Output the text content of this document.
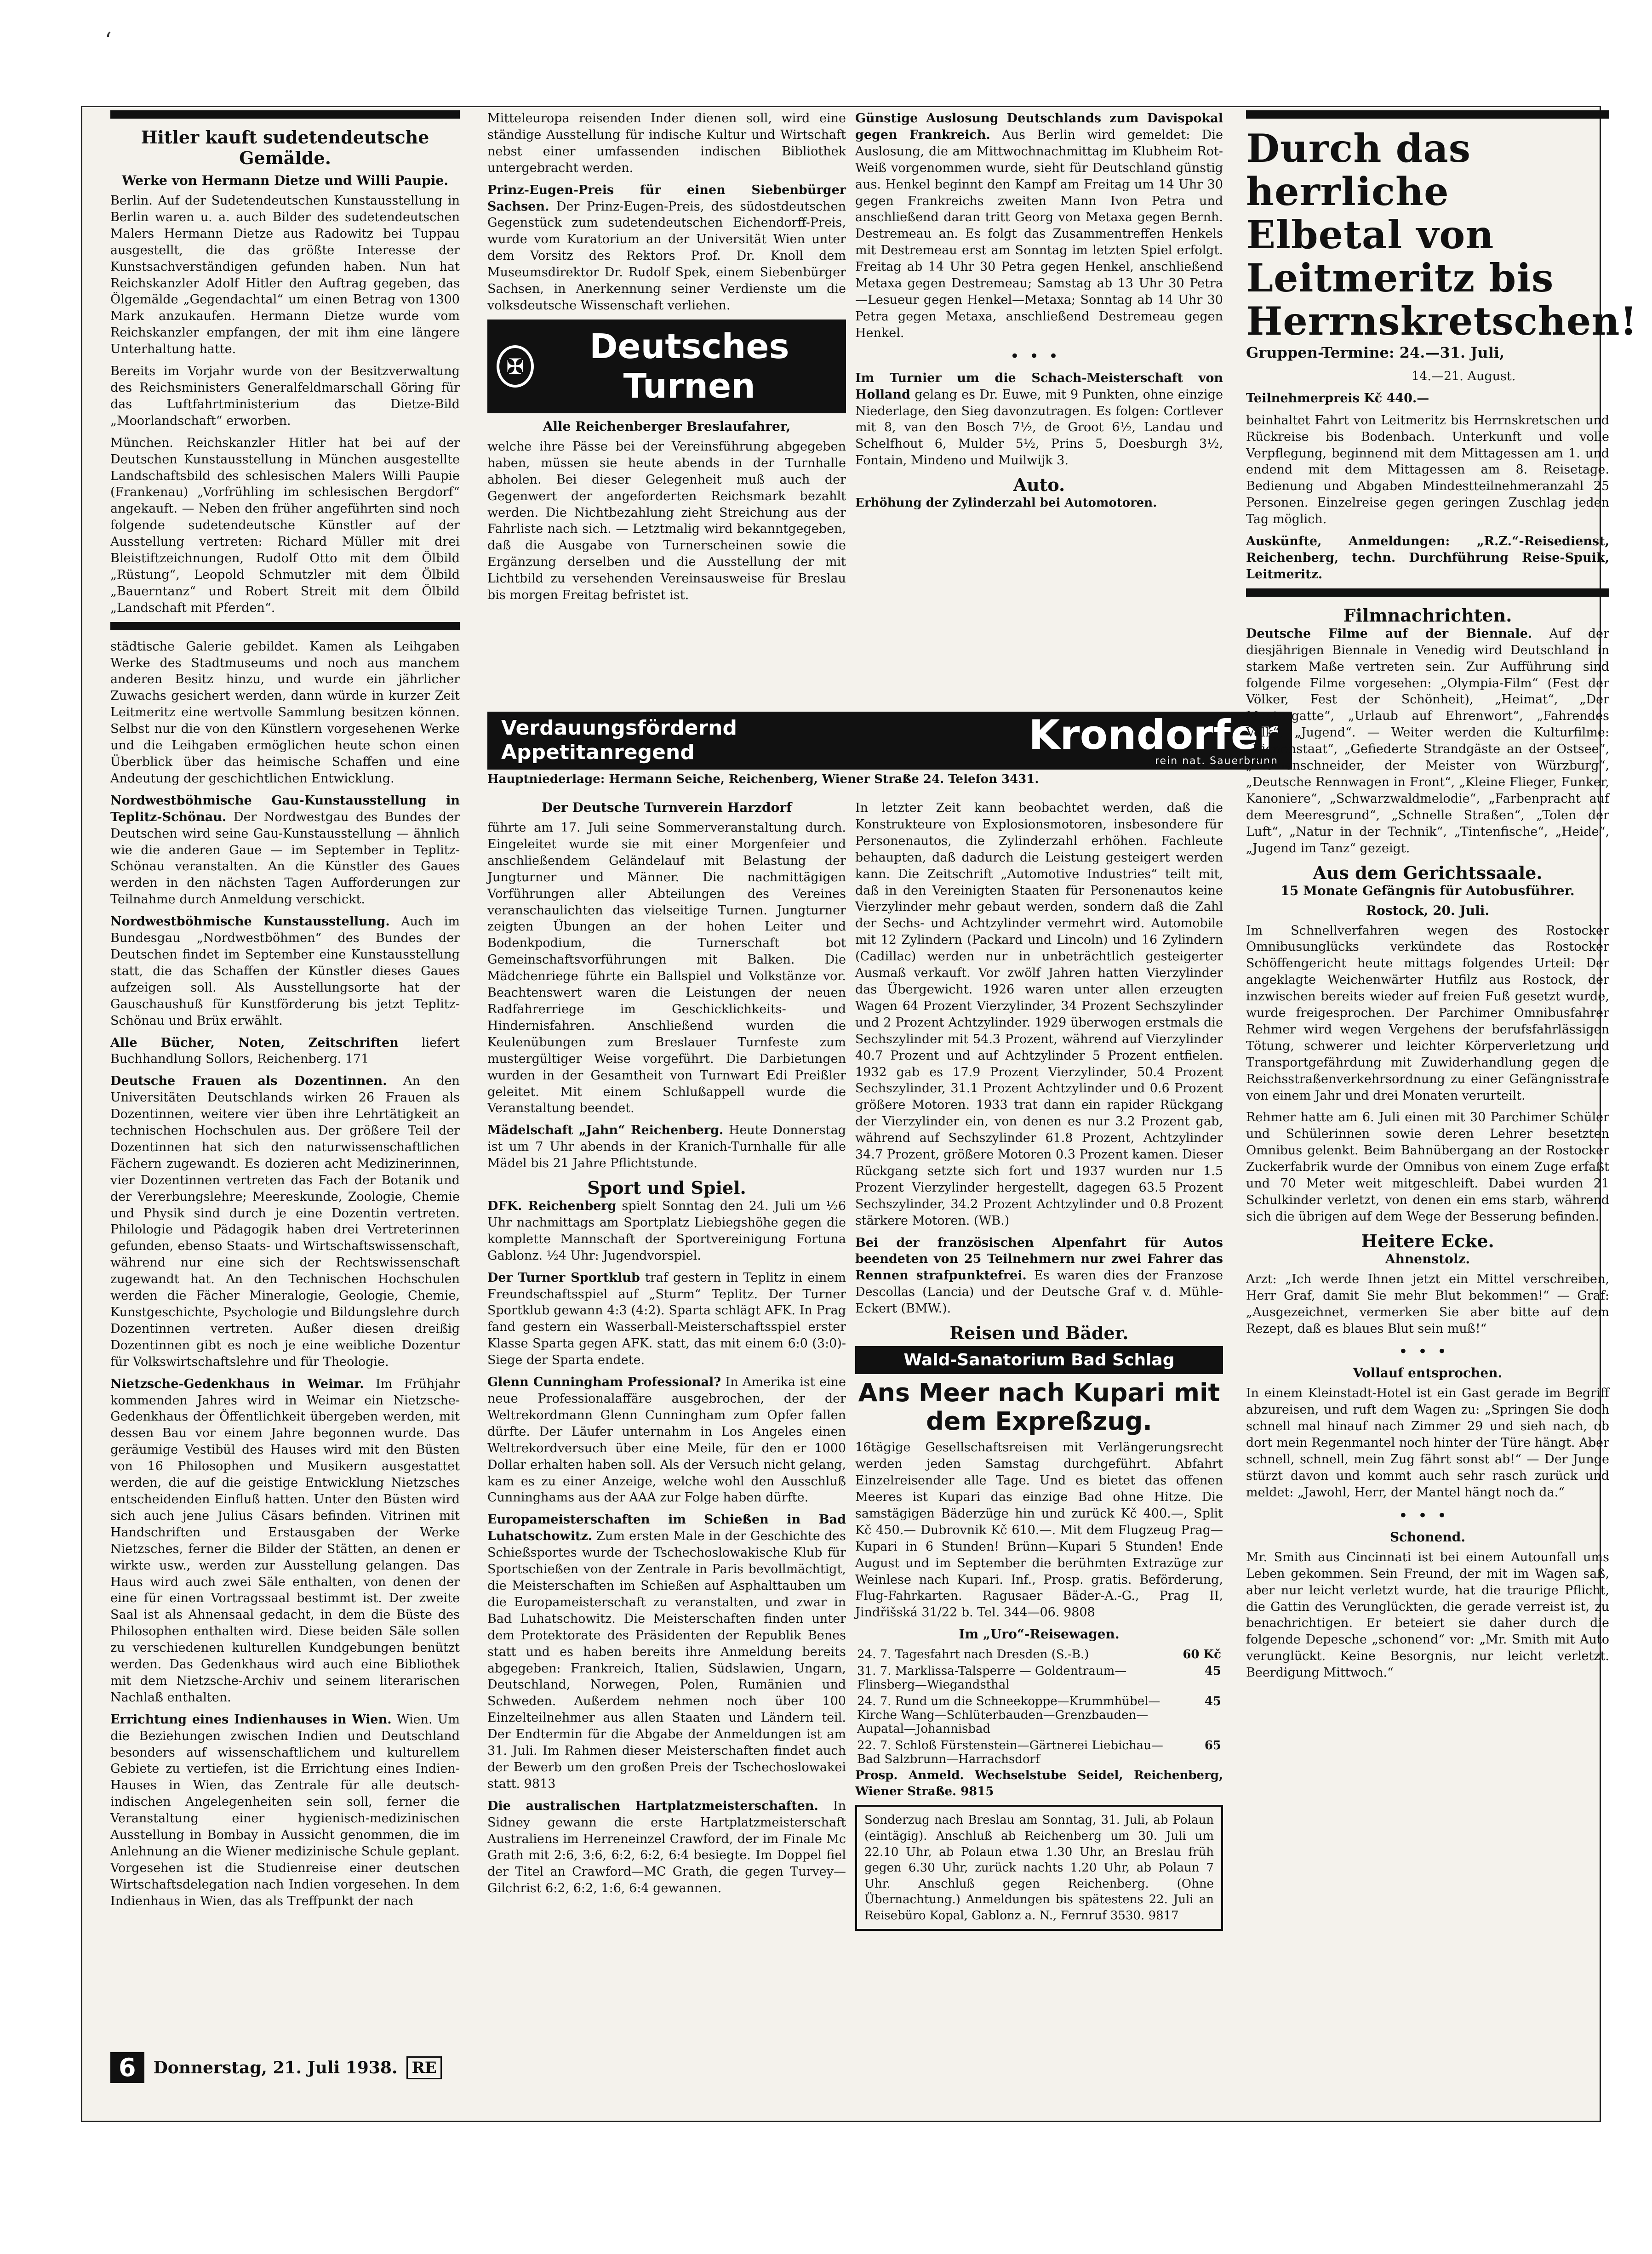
ʻ
Hitler kauft sudetendeutsche Gemälde.
Werke von Hermann Dietze und Willi Paupie.

Berlin. Auf der Sudetendeutschen Kunstausstellung in Berlin waren u. a. auch Bilder des sudetendeutschen Malers Hermann Dietze aus Radowitz bei Tuppau ausgestellt, die das größte Interesse der Kunstsachverständigen gefunden haben. Nun hat Reichskanzler Adolf Hitler den Auftrag gegeben, das Ölgemälde „Gegendachtal“ um einen Betrag von 1300 Mark anzukaufen. Hermann Dietze wurde vom Reichskanzler empfangen, der mit ihm eine längere Unterhaltung hatte.

Bereits im Vorjahr wurde von der Besitzverwaltung des Reichsministers Generalfeldmarschall Göring für das Luftfahrtministerium das Dietze-Bild „Moorlandschaft“ erworben.

München. Reichskanzler Hitler hat bei auf der Deutschen Kunstausstellung in München ausgestellte Landschaftsbild des schlesischen Malers Willi Paupie (Frankenau) „Vorfrühling im schlesischen Bergdorf“ angekauft. — Neben den früher angeführten sind noch folgende sudetendeutsche Künstler auf der Ausstellung vertreten: Richard Müller mit drei Bleistiftzeichnungen, Rudolf Otto mit dem Ölbild „Rüstung“, Leopold Schmutzler mit dem Ölbild „Bauerntanz“ und Robert Streit mit dem Ölbild „Landschaft mit Pferden“.

städtische Galerie gebildet. Kamen als Leihgaben Werke des Stadtmuseums und noch aus manchem anderen Besitz hinzu, und wurde ein jährlicher Zuwachs gesichert werden, dann würde in kurzer Zeit Leitmeritz eine wertvolle Sammlung besitzen können. Selbst nur die von den Künstlern vorgesehenen Werke und die Leihgaben ermöglichen heute schon einen Überblick über das heimische Schaffen und eine Andeutung der geschichtlichen Entwicklung.

Nordwestböhmische Gau-Kunstausstellung in Teplitz-Schönau. Der Nordwestgau des Bundes der Deutschen wird seine Gau-Kunstausstellung — ähnlich wie die anderen Gaue — im September in Teplitz-Schönau veranstalten. An die Künstler des Gaues werden in den nächsten Tagen Aufforderungen zur Teilnahme durch Anmeldung verschickt.

Nordwestböhmische Kunstausstellung. Auch im Bundesgau „Nordwestböhmen“ des Bundes der Deutschen findet im September eine Kunstausstellung statt, die das Schaffen der Künstler dieses Gaues aufzeigen soll. Als Ausstellungsorte hat der Gauschaushuß für Kunstförderung bis jetzt Teplitz-Schönau und Brüx erwählt.

Alle Bücher, Noten, Zeitschriften liefert Buchhandlung Sollors, Reichenberg. 171

Deutsche Frauen als Dozentinnen. An den Universitäten Deutschlands wirken 26 Frauen als Dozentinnen, weitere vier üben ihre Lehrtätigkeit an technischen Hochschulen aus. Der größere Teil der Dozentinnen hat sich den naturwissenschaftlichen Fächern zugewandt. Es dozieren acht Medizinerinnen, vier Dozentinnen vertreten das Fach der Botanik und der Vererbungslehre; Meereskunde, Zoologie, Chemie und Physik sind durch je eine Dozentin vertreten. Philologie und Pädagogik haben drei Vertreterinnen gefunden, ebenso Staats- und Wirtschaftswissenschaft, während nur eine sich der Rechtswissenschaft zugewandt hat. An den Technischen Hochschulen werden die Fächer Mineralogie, Geologie, Chemie, Kunstgeschichte, Psychologie und Bildungslehre durch Dozentinnen vertreten. Außer diesen dreißig Dozentinnen gibt es noch je eine weibliche Dozentur für Volkswirtschaftslehre und für Theologie.

Nietzsche-Gedenkhaus in Weimar. Im Frühjahr kommenden Jahres wird in Weimar ein Nietzsche-Gedenkhaus der Öffentlichkeit übergeben werden, mit dessen Bau vor einem Jahre begonnen wurde. Das geräumige Vestibül des Hauses wird mit den Büsten von 16 Philosophen und Musikern ausgestattet werden, die auf die geistige Entwicklung Nietzsches entscheidenden Einfluß hatten. Unter den Büsten wird sich auch jene Julius Cäsars befinden. Vitrinen mit Handschriften und Erstausgaben der Werke Nietzsches, ferner die Bilder der Stätten, an denen er wirkte usw., werden zur Ausstellung gelangen. Das Haus wird auch zwei Säle enthalten, von denen der eine für einen Vortragssaal bestimmt ist. Der zweite Saal ist als Ahnensaal gedacht, in dem die Büste des Philosophen enthalten wird. Diese beiden Säle sollen zu verschiedenen kulturellen Kundgebungen benützt werden. Das Gedenkhaus wird auch eine Bibliothek mit dem Nietzsche-Archiv und seinem literarischen Nachlaß enthalten.

Errichtung eines Indienhauses in Wien. Wien. Um die Beziehungen zwischen Indien und Deutschland besonders auf wissenschaftlichem und kulturellem Gebiete zu vertiefen, ist die Errichtung eines Indien-Hauses in Wien, das Zentrale für alle deutsch-indischen Angelegenheiten sein soll, ferner die Veranstaltung einer hygienisch-medizinischen Ausstellung in Bombay in Aussicht genommen, die im Anlehnung an die Wiener medizinische Schule geplant. Vorgesehen ist die Studienreise einer deutschen Wirtschaftsdelegation nach Indien vorgesehen. In dem Indienhaus in Wien, das als Treffpunkt der nach

Mitteleuropa reisenden Inder dienen soll, wird eine ständige Ausstellung für indische Kultur und Wirtschaft nebst einer umfassenden indischen Bibliothek untergebracht werden.

Prinz-Eugen-Preis für einen Siebenbürger Sachsen. Der Prinz-Eugen-Preis, des südostdeutschen Gegenstück zum sudetendeutschen Eichendorff-Preis, wurde vom Kuratorium an der Universität Wien unter dem Vorsitz des Rektors Prof. Dr. Knoll dem Museumsdirektor Dr. Rudolf Spek, einem Siebenbürger Sachsen, in Anerkennung seiner Verdienste um die volksdeutsche Wissenschaft verliehen.

✠	Deutsches Turnen
Alle Reichenberger Breslaufahrer,

welche ihre Pässe bei der Vereinsführung abgegeben haben, müssen sie heute abends in der Turnhalle abholen. Bei dieser Gelegenheit muß auch der Gegenwert der angeforderten Reichsmark bezahlt werden. Die Nichtbezahlung zieht Streichung aus der Fahrliste nach sich. — Letztmalig wird bekanntgegeben, daß die Ausgabe von Turnerscheinen sowie die Ergänzung derselben und die Ausstellung der mit Lichtbild zu versehenden Vereinsausweise für Breslau bis morgen Freitag befristet ist.

Verdauungsfördernd
Appetitanregend	Krondorfer
rein nat. Sauerbrunn
Hauptniederlage: Hermann Seiche, Reichenberg, Wiener Straße 24. Telefon 3431.
Der Deutsche Turnverein Harzdorf

führte am 17. Juli seine Sommerveranstaltung durch. Eingeleitet wurde sie mit einer Morgenfeier und anschließendem Geländelauf mit Belastung der Jungturner und Männer. Die nachmittägigen Vorführungen aller Abteilungen des Vereines veranschaulichten das vielseitige Turnen. Jungturner zeigten Übungen an der hohen Leiter und Bodenkpodium, die Turnerschaft bot Gemeinschaftsvorführungen mit Balken. Die Mädchenriege führte ein Ballspiel und Volkstänze vor. Beachtenswert waren die Leistungen der neuen Radfahrerriege im Geschicklichkeits- und Hindernisfahren. Anschließend wurden die Keulenübungen zum Breslauer Turnfeste zum mustergültiger Weise vorgeführt. Die Darbietungen wurden in der Gesamtheit von Turnwart Edi Preißler geleitet. Mit einem Schlußappell wurde die Veranstaltung beendet.

Mädelschaft „Jahn“ Reichenberg. Heute Donnerstag ist um 7 Uhr abends in der Kranich-Turnhalle für alle Mädel bis 21 Jahre Pflichtstunde.

Sport und Spiel.

DFK. Reichenberg spielt Sonntag den 24. Juli um ½6 Uhr nachmittags am Sportplatz Liebiegshöhe gegen die komplette Mannschaft der Sportvereinigung Fortuna Gablonz. ½4 Uhr: Jugendvorspiel.

Der Turner Sportklub traf gestern in Teplitz in einem Freundschaftsspiel auf „Sturm“ Teplitz. Der Turner Sportklub gewann 4:3 (4:2). Sparta schlägt AFK. In Prag fand gestern ein Wasserball-Meisterschaftsspiel erster Klasse Sparta gegen AFK. statt, das mit einem 6:0 (3:0)-Siege der Sparta endete.

Glenn Cunningham Professional? In Amerika ist eine neue Professionalaffäre ausgebrochen, der der Weltrekordmann Glenn Cunningham zum Opfer fallen dürfte. Der Läufer unternahm in Los Angeles einen Weltrekordversuch über eine Meile, für den er 1000 Dollar erhalten haben soll. Als der Versuch nicht gelang, kam es zu einer Anzeige, welche wohl den Ausschluß Cunninghams aus der AAA zur Folge haben dürfte.

Europameisterschaften im Schießen in Bad Luhatschowitz. Zum ersten Male in der Geschichte des Schießsportes wurde der Tschechoslowakische Klub für Sportschießen von der Zentrale in Paris bevollmächtigt, die Meisterschaften im Schießen auf Asphalttauben um die Europameisterschaft zu veranstalten, und zwar in Bad Luhatschowitz. Die Meisterschaften finden unter dem Protektorate des Präsidenten der Republik Benes statt und es haben bereits ihre Anmeldung bereits abgegeben: Frankreich, Italien, Südslawien, Ungarn, Deutschland, Norwegen, Polen, Rumänien und Schweden. Außerdem nehmen noch über 100 Einzelteilnehmer aus allen Staaten und Ländern teil. Der Endtermin für die Abgabe der Anmeldungen ist am 31. Juli. Im Rahmen dieser Meisterschaften findet auch der Bewerb um den großen Preis der Tschechoslowakei statt. 9813

Die australischen Hartplatzmeisterschaften. In Sidney gewann die erste Hartplatzmeisterschaft Australiens im Herreneinzel Crawford, der im Finale Mc Grath mit 2:6, 3:6, 6:2, 6:2, 6:4 besiegte. Im Doppel fiel der Titel an Crawford—MC Grath, die gegen Turvey—Gilchrist 6:2, 6:2, 1:6, 6:4 gewannen.

Günstige Auslosung Deutschlands zum Davispokal gegen Frankreich. Aus Berlin wird gemeldet: Die Auslosung, die am Mittwochnachmittag im Klubheim Rot-Weiß vorgenommen wurde, sieht für Deutschland günstig aus. Henkel beginnt den Kampf am Freitag um 14 Uhr 30 gegen Frankreichs zweiten Mann Ivon Petra und anschließend daran tritt Georg von Metaxa gegen Bernh. Destremeau an. Es folgt das Zusammentreffen Henkels mit Destremeau erst am Sonntag im letzten Spiel erfolgt. Freitag ab 14 Uhr 30 Petra gegen Henkel, anschließend Metaxa gegen Destremeau; Samstag ab 13 Uhr 30 Petra—Lesueur gegen Henkel—Metaxa; Sonntag ab 14 Uhr 30 Petra gegen Metaxa, anschließend Destremeau gegen Henkel.

•••

Im Turnier um die Schach-Meisterschaft von Holland gelang es Dr. Euwe, mit 9 Punkten, ohne einzige Niederlage, den Sieg davonzutragen. Es folgen: Cortlever mit 8, van den Bosch 7½, de Groot 6½, Landau und Schelfhout 6, Mulder 5½, Prins 5, Doesburgh 3½, Fontain, Mindeno und Muilwijk 3.

Auto.

Erhöhung der Zylinderzahl bei Automotoren.

In letzter Zeit kann beobachtet werden, daß die Konstrukteure von Explosionsmotoren, insbesondere für Personenautos, die Zylinderzahl erhöhen. Fachleute behaupten, daß dadurch die Leistung gesteigert werden kann. Die Zeitschrift „Automotive Industries“ teilt mit, daß in den Vereinigten Staaten für Personenautos keine Vierzylinder mehr gebaut werden, sondern daß die Zahl der Sechs- und Achtzylinder vermehrt wird. Automobile mit 12 Zylindern (Packard und Lincoln) und 16 Zylindern (Cadillac) werden nur in unbeträchtlich gesteigerter Ausmaß verkauft. Vor zwölf Jahren hatten Vierzylinder das Übergewicht. 1926 waren unter allen erzeugten Wagen 64 Prozent Vierzylinder, 34 Prozent Sechszylinder und 2 Prozent Achtzylinder. 1929 überwogen erstmals die Sechszylinder mit 54.3 Prozent, während auf Vierzylinder 40.7 Prozent und auf Achtzylinder 5 Prozent entfielen. 1932 gab es 17.9 Prozent Vierzylinder, 50.4 Prozent Sechszylinder, 31.1 Prozent Achtzylinder und 0.6 Prozent größere Motoren. 1933 trat dann ein rapider Rückgang der Vierzylinder ein, von denen es nur 3.2 Prozent gab, während auf Sechszylinder 61.8 Prozent, Achtzylinder 34.7 Prozent, größere Motoren 0.3 Prozent kamen. Dieser Rückgang setzte sich fort und 1937 wurden nur 1.5 Prozent Vierzylinder hergestellt, dagegen 63.5 Prozent Sechszylinder, 34.2 Prozent Achtzylinder und 0.8 Prozent stärkere Motoren. (WB.)

Bei der französischen Alpenfahrt für Autos beendeten von 25 Teilnehmern nur zwei Fahrer das Rennen strafpunktefrei. Es waren dies der Franzose Descollas (Lancia) und der Deutsche Graf v. d. Mühle-Eckert (BMW.).

Reisen und Bäder.
Wald-Sanatorium Bad Schlag
Ans Meer nach Kupari mit dem Expreßzug.

16tägige Gesellschaftsreisen mit Verlängerungsrecht werden jeden Samstag durchgeführt. Abfahrt Einzelreisender alle Tage. Und es bietet das offenen Meeres ist Kupari das einzige Bad ohne Hitze. Die samstägigen Bäderzüge hin und zurück Kč 400.—, Split Kč 450.— Dubrovnik Kč 610.—. Mit dem Flugzeug Prag—Kupari in 6 Stunden! Brünn—Kupari 5 Stunden! Ende August und im September die berühmten Extrazüge zur Weinlese nach Kupari. Inf., Prosp. gratis. Beförderung, Flug-Fahrkarten. Ragusaer Bäder-A.-G., Prag II, Jindřišská 31/22 b. Tel. 344—06. 9808

Im „Uro“-Reisewagen.
24. 7. Tagesfahrt nach Dresden (S.-B.)	60 Kč
31. 7. Marklissa-Talsperre — Goldentraum—Flinsberg—Wiegandsthal	45
24. 7. Rund um die Schneekoppe—Krummhübel—Kirche Wang—Schlüterbauden—Grenzbauden—Aupatal—Johannisbad	45
22. 7. Schloß Fürstenstein—Gärtnerei Liebichau—Bad Salzbrunn—Harrachsdorf	65

Prosp. Anmeld. Wechselstube Seidel, Reichenberg, Wiener Straße. 9815

Sonderzug nach Breslau am Sonntag, 31. Juli, ab Polaun (eintägig). Anschluß ab Reichenberg um 30. Juli um 22.10 Uhr, ab Polaun etwa 1.30 Uhr, an Breslau früh gegen 6.30 Uhr, zurück nachts 1.20 Uhr, ab Polaun 7 Uhr. Anschluß gegen Reichenberg. (Ohne Übernachtung.) Anmeldungen bis spätestens 22. Juli an Reisebüro Kopal, Gablonz a. N., Fernruf 3530. 9817

Durch das herrliche Elbetal von Leitmeritz bis Herrnskretschen!

Gruppen-Termine: 24.—31. Juli,

14.—21. August.

Teilnehmerpreis Kč 440.—

beinhaltet Fahrt von Leitmeritz bis Herrnskretschen und Rückreise bis Bodenbach. Unterkunft und volle Verpflegung, beginnend mit dem Mittagessen am 1. und endend mit dem Mittagessen am 8. Reisetage. Bedienung und Abgaben Mindestteilnehmeranzahl 25 Personen. Einzelreise gegen geringen Zuschlag jeden Tag möglich.

Auskünfte, Anmeldungen: „R.Z.“-Reisedienst, Reichenberg, techn. Durchführung Reise-Spuik, Leitmeritz.

Filmnachrichten.

Deutsche Filme auf der Biennale. Auf der diesjährigen Biennale in Venedig wird Deutschland in starkem Maße vertreten sein. Zur Aufführung sind folgende Filme vorgesehen: „Olympia-Film“ (Fest der Völker, Fest der Schönheit), „Heimat“, „Der Mustergatte“, „Urlaub auf Ehrenwort“, „Fahrendes Volk“, „Jugend“. — Weiter werden die Kulturfilme: „Bienenstaat“, „Gefiederte Strandgäste an der Ostsee“, „Riemenschneider, der Meister von Würzburg“, „Deutsche Rennwagen in Front“, „Kleine Flieger, Funker, Kanoniere“, „Schwarzwaldmelodie“, „Farbenpracht auf dem Meeresgrund“, „Schnelle Straßen“, „Tolen der Luft“, „Natur in der Technik“, „Tintenfische“, „Heide“, „Jugend im Tanz“ gezeigt.

Aus dem Gerichtssaale.
15 Monate Gefängnis für Autobusführer.
Rostock, 20. Juli.

Im Schnellverfahren wegen des Rostocker Omnibusunglücks verkündete das Rostocker Schöffengericht heute mittags folgendes Urteil: Der angeklagte Weichenwärter Hutfilz aus Rostock, der inzwischen bereits wieder auf freien Fuß gesetzt wurde, wurde freigesprochen. Der Parchimer Omnibusfahrer Rehmer wird wegen Vergehens der berufsfahrlässigen Tötung, schwerer und leichter Körperverletzung und Transportgefährdung mit Zuwiderhandlung gegen die Reichsstraßenverkehrsordnung zu einer Gefängnisstrafe von einem Jahr und drei Monaten verurteilt.

Rehmer hatte am 6. Juli einen mit 30 Parchimer Schüler und Schülerinnen sowie deren Lehrer besetzten Omnibus gelenkt. Beim Bahnübergang an der Rostocker Zuckerfabrik wurde der Omnibus von einem Zuge erfaßt und 70 Meter weit mitgeschleift. Dabei wurden 21 Schulkinder verletzt, von denen ein ems starb, während sich die übrigen auf dem Wege der Besserung befinden.

Heitere Ecke.
Ahnenstolz.

Arzt: „Ich werde Ihnen jetzt ein Mittel verschreiben, Herr Graf, damit Sie mehr Blut bekommen!“ — Graf: „Ausgezeichnet, vermerken Sie aber bitte auf dem Rezept, daß es blaues Blut sein muß!“

•••
Vollauf entsprochen.

In einem Kleinstadt-Hotel ist ein Gast gerade im Begriff abzureisen, und ruft dem Wagen zu: „Springen Sie doch schnell mal hinauf nach Zimmer 29 und sieh nach, ob dort mein Regenmantel noch hinter der Türe hängt. Aber schnell, schnell, mein Zug fährt sonst ab!“ — Der Junge stürzt davon und kommt auch sehr rasch zurück und meldet: „Jawohl, Herr, der Mantel hängt noch da.“

•••
Schonend.

Mr. Smith aus Cincinnati ist bei einem Autounfall ums Leben gekommen. Sein Freund, der mit im Wagen saß, aber nur leicht verletzt wurde, hat die traurige Pflicht, die Gattin des Verunglückten, die gerade verreist ist, zu benachrichtigen. Er beteiert sie daher durch die folgende Depesche „schonend“ vor: „Mr. Smith mit Auto verunglückt. Keine Besorgnis, nur leicht verletzt. Beerdigung Mittwoch.“

6	Donnerstag, 21. Juli 1938. RE
